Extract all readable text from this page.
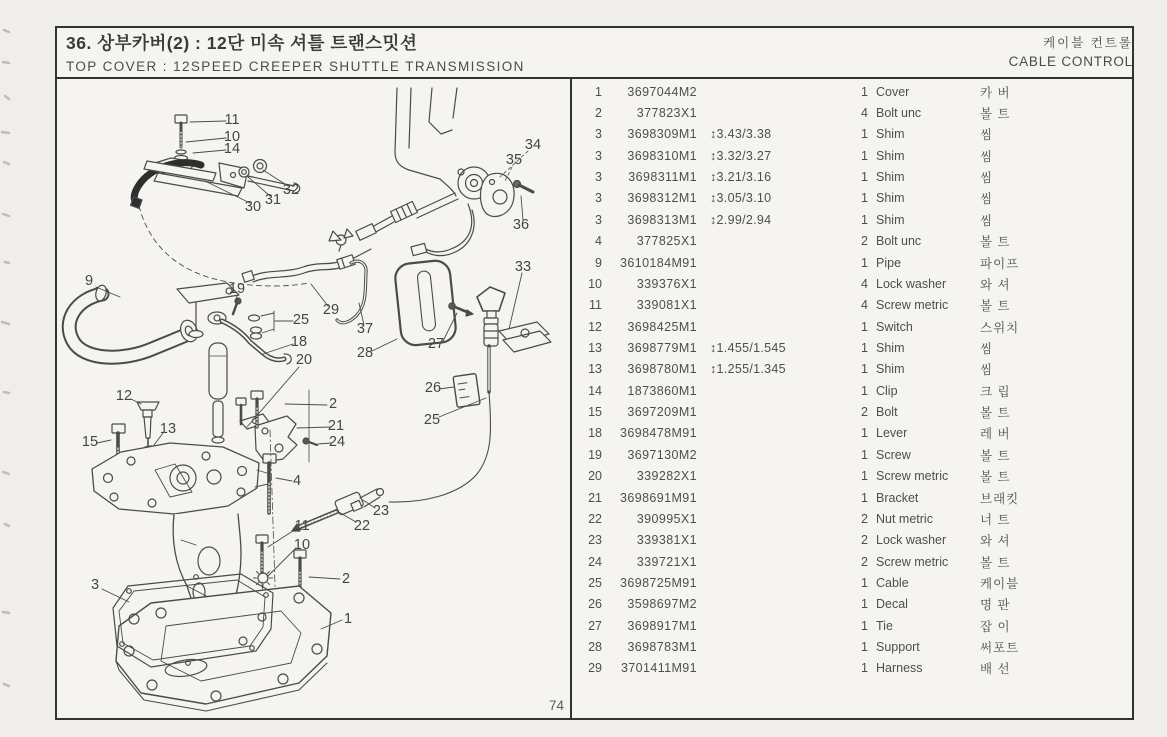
36. 상부카버(2) : 12단 미속 셔틀 트랜스밋션
TOP COVER : 12SPEED CREEPER SHUTTLE TRANSMISSION
케이블 컨트롤
CABLE CONTROL
1	3697044M2	1 Cover	카 버
2	377823X1	4 Bolt unc	볼 트
3	3698309M1 ↕3.43/3.38	1 Shim	씸
3	3698310M1 ↕3.32/3.27	1 Shim	씸
3	3698311M1 ↕3.21/3.16	1 Shim	씸
3	3698312M1 ↕3.05/3.10	1 Shim	씸
3	3698313M1 ↕2.99/2.94	1 Shim	씸
4	377825X1	2 Bolt unc	볼 트
9	3610184M91	1 Pipe	파이프
10	339376X1	4 Lock washer	와 셔
11	339081X1	4 Screw metric	볼 트
12	3698425M1	1 Switch	스위치
13	3698779M1 ↕1.455/1.545	1 Shim	씸
13	3698780M1 ↕1.255/1.345	1 Shim	씸
14	1873860M1	1 Clip	크 립
15	3697209M1	2 Bolt	볼 트
18	3698478M91	1 Lever	레 버
19	3697130M2	1 Screw	볼 트
20	339282X1	1 Screw metric	볼 트
21	3698691M91	1 Bracket	브래킷
22	390995X1	2 Nut metric	너 트
23	339381X1	2 Lock washer	와 셔
24	339721X1	2 Screw metric	볼 트
25	3698725M91	1 Cable	케이블
26	3598697M2	1 Decal	명 판
27	3698917M1	1 Tie	잡 이
28	3698783M1	1 Support	써포트
29	3701411M91	1 Harness	배 선
11
10
14
32
31
30
34
35
36
33
9	19
29
25
18
37
28
27
20
26
12	2
25
21
13
24
15
4
23
22
11
10
2
3
1
74
